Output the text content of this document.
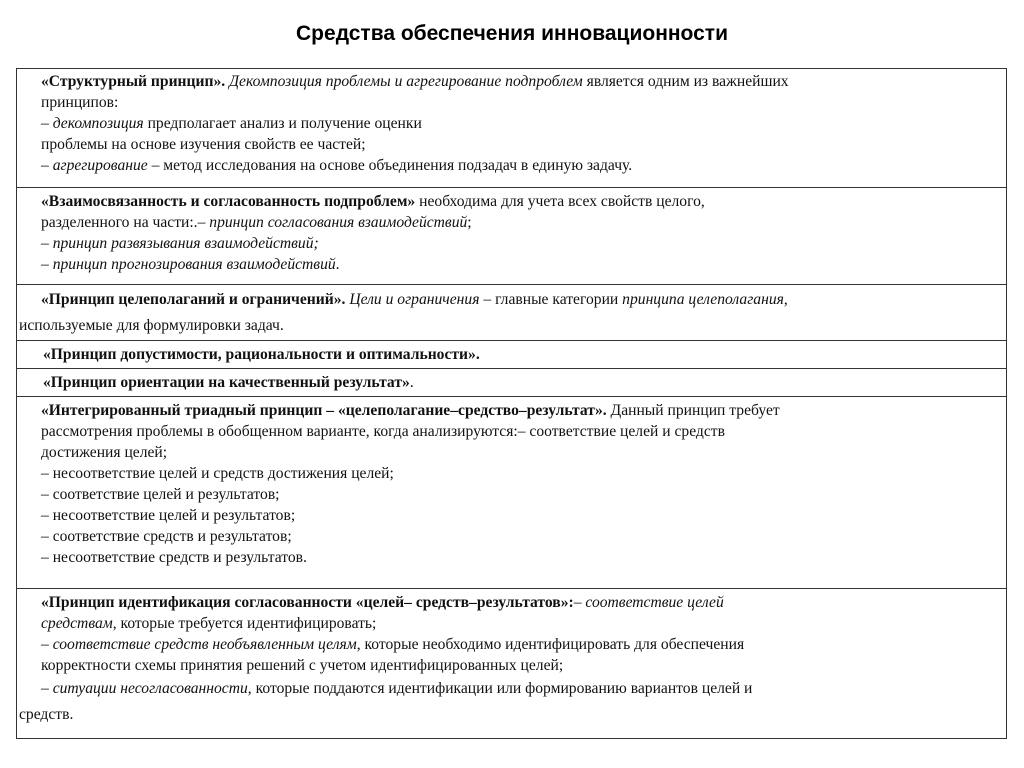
Средства обеспечения инновационности
«Структурный принцип». Декомпозиция проблемы и агрегирование подпроблем является одним из важнейших
принципов:
– декомпозиция предполагает анализ и получение оценки
проблемы на основе изучения свойств ее частей;
– агрегирование – метод исследования на основе объединения подзадач в единую задачу.
«Взаимосвязанность и согласованность подпроблем» необходима для учета всех свойств целого,
разделенного на части:.– принцип согласования взаимодействий;
– принцип развязывания взаимодействий;
– принцип прогнозирования взаимодействий.
«Принцип целеполаганий и ограничений». Цели и ограничения – главные категории принципа целеполагания,
используемые для формулировки задач.
«Принцип допустимости, рациональности и оптимальности».
«Принцип ориентации на качественный результат».
«Интегрированный триадный принцип – «целеполагание–средство–результат». Данный принцип требует
рассмотрения проблемы в обобщенном варианте, когда анализируются:– соответствие целей и средств
достижения целей;
– несоответствие целей и средств достижения целей;
– соответствие целей и результатов;
– несоответствие целей и результатов;
– соответствие средств и результатов;
– несоответствие средств и результатов.
«Принцип идентификация согласованности «целей– средств–результатов»:– соответствие целей
средствам, которые требуется идентифицировать;
– соответствие средств необъявленным целям, которые необходимо идентифицировать для обеспечения
корректности схемы принятия решений с учетом идентифицированных целей;
– ситуации несогласованности, которые поддаются идентификации или формированию вариантов целей и
средств.
